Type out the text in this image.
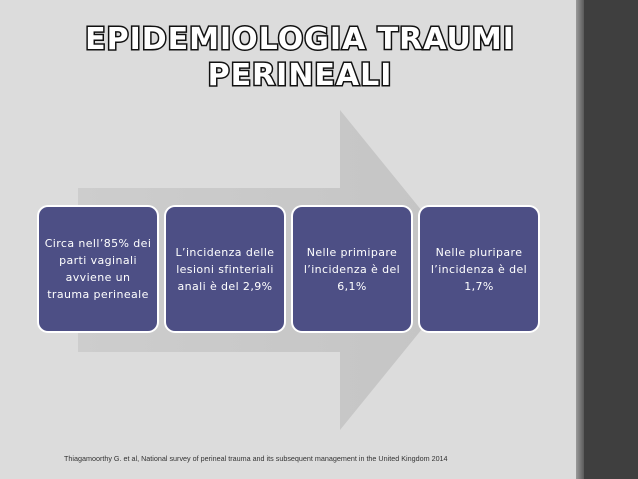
EPIDEMIOLOGIA TRAUMI
PERINEALI
Circa nell’85% dei parti vaginali avviene un trauma perineale
L’incidenza delle lesioni sfinteriali anali è del 2,9%
Nelle primipare l’incidenza è del 6,1%
Nelle pluripare l’incidenza è del 1,7%
Thiagamoorthy G. et al, National survey of perineal trauma and its subsequent management in the United Kingdom 2014
